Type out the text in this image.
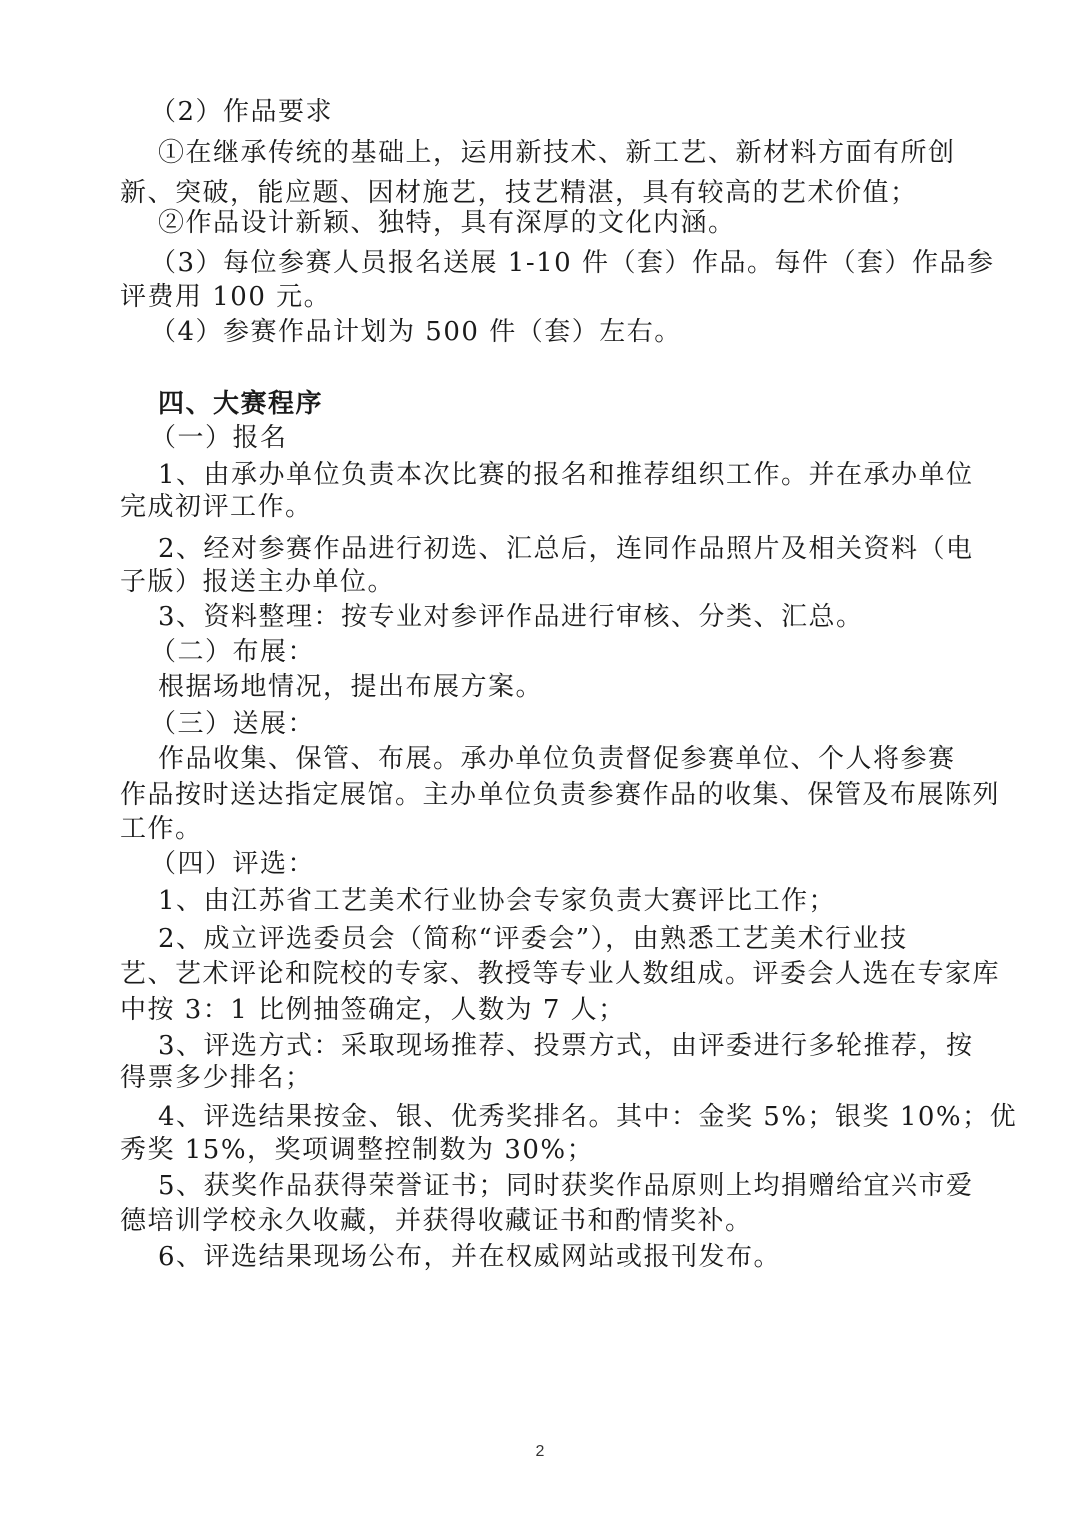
（2）作品要求
①在继承传统的基础上，运用新技术、新工艺、新材料方面有所创
新、突破，能应题、因材施艺，技艺精湛，具有较高的艺术价值；
②作品设计新颖、独特，具有深厚的文化内涵。
（3）每位参赛人员报名送展 1-10 件（套）作品。每件（套）作品参
评费用 100 元。
（4）参赛作品计划为 500 件（套）左右。
四、大赛程序
（一）报名
1、由承办单位负责本次比赛的报名和推荐组织工作。并在承办单位
完成初评工作。
2、经对参赛作品进行初选、汇总后，连同作品照片及相关资料（电
子版）报送主办单位。
3、资料整理：按专业对参评作品进行审核、分类、汇总。
（二）布展：
根据场地情况，提出布展方案。
（三）送展：
作品收集、保管、布展。承办单位负责督促参赛单位、个人将参赛
作品按时送达指定展馆。主办单位负责参赛作品的收集、保管及布展陈列
工作。
（四）评选：
1、由江苏省工艺美术行业协会专家负责大赛评比工作；
2、成立评选委员会（简称“评委会”），由熟悉工艺美术行业技
艺、艺术评论和院校的专家、教授等专业人数组成。评委会人选在专家库
中按 3：1 比例抽签确定，人数为 7 人；
3、评选方式：采取现场推荐、投票方式，由评委进行多轮推荐，按
得票多少排名；
4、评选结果按金、银、优秀奖排名。其中：金奖 5%；银奖 10%；优
秀奖 15%，奖项调整控制数为 30%；
5、获奖作品获得荣誉证书；同时获奖作品原则上均捐赠给宜兴市爱
德培训学校永久收藏，并获得收藏证书和酌情奖补。
6、评选结果现场公布，并在权威网站或报刊发布。
2
